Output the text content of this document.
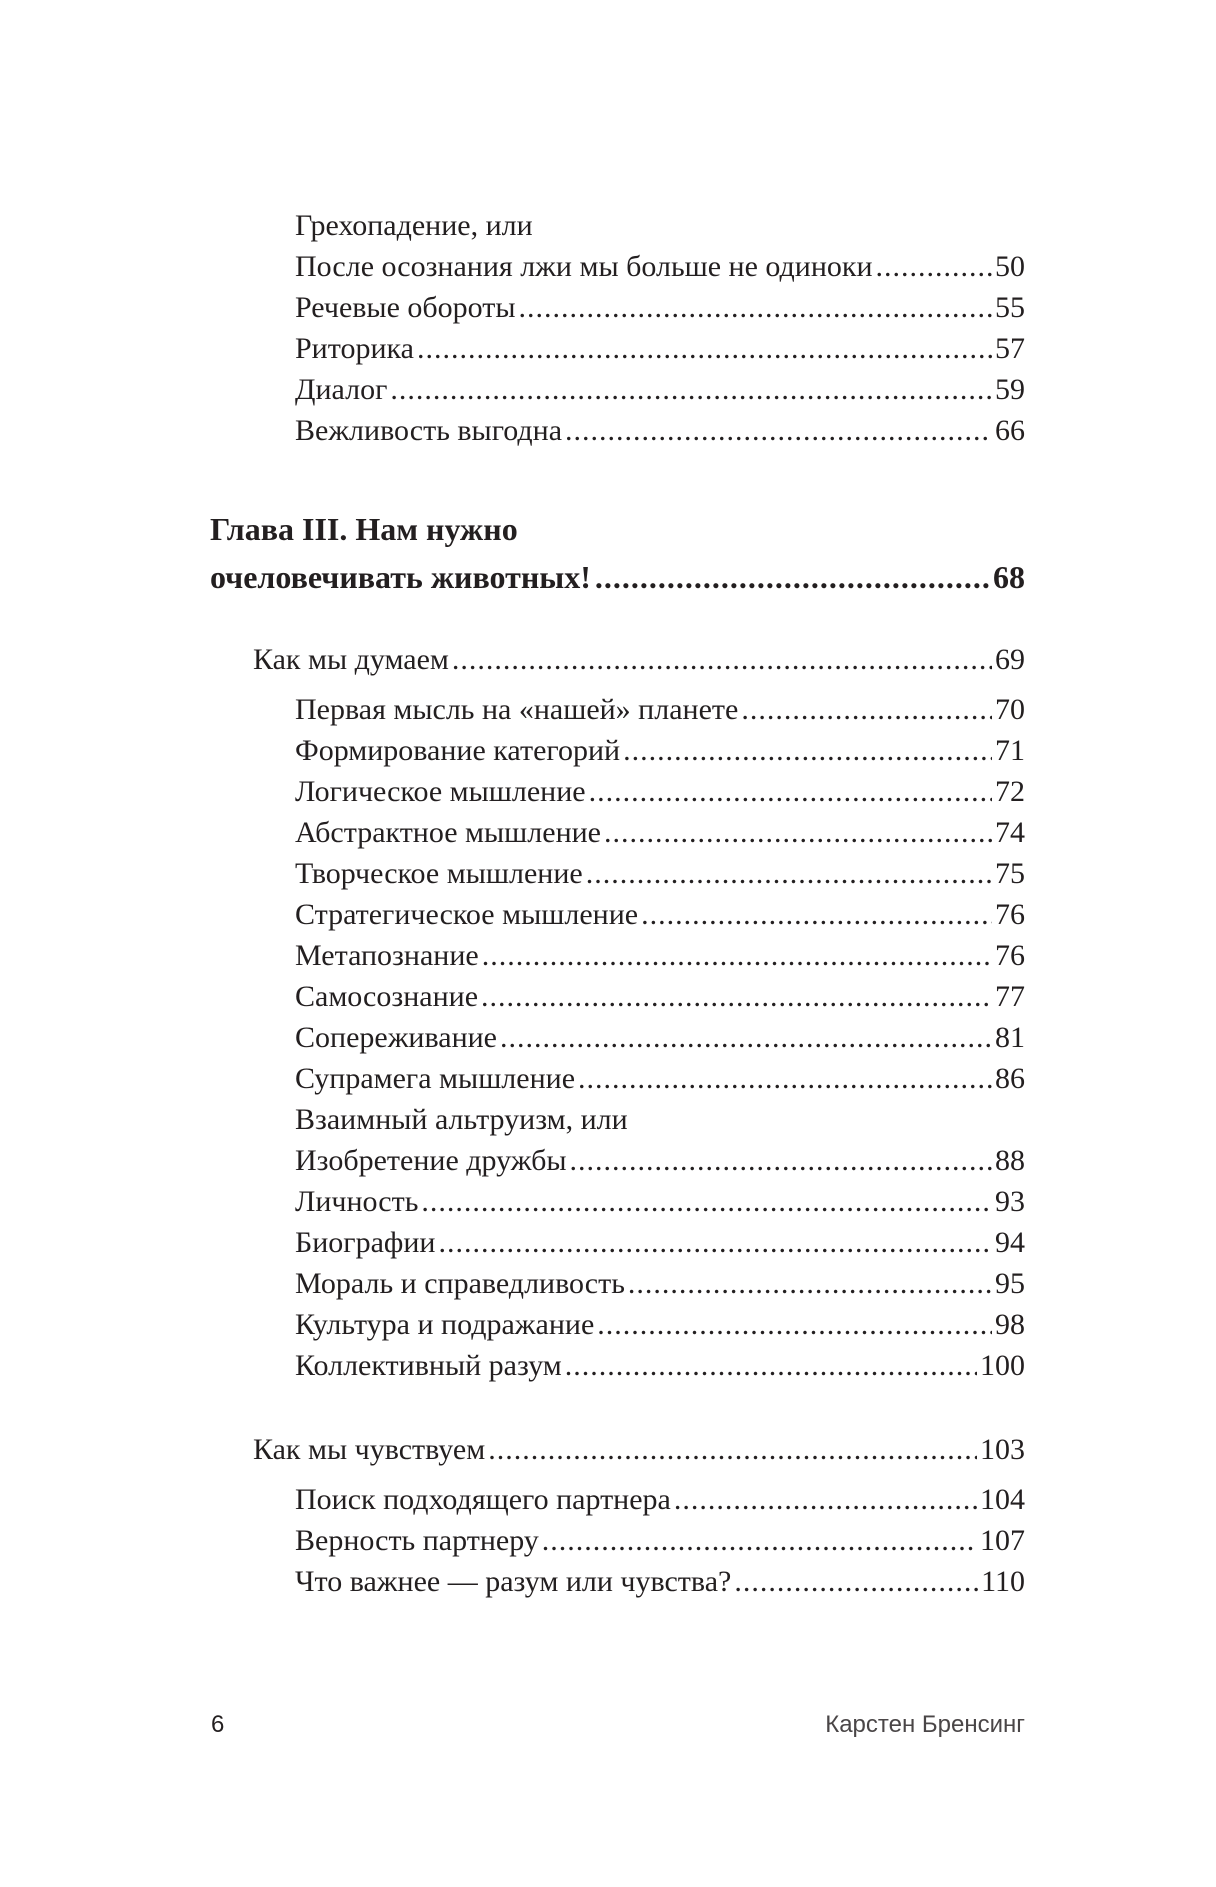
Грехопадение, или
После осознания лжи мы больше не одиноки .....	50
Речевые обороты .....	55
Риторика .....	57
Диалог .....	59
Вежливость выгодна .....	66
Глава III. Нам нужно
очеловечивать животных! .....	68
Как мы думаем .....	69
Первая мысль на «нашей» планете .....	70
Формирование категорий .....	71
Логическое мышление .....	72
Абстрактное мышление .....	74
Творческое мышление .....	75
Стратегическое мышление .....	76
Метапознание .....	76
Самосознание .....	77
Сопереживание .....	81
Супрамега мышление .....	86
Взаимный альтруизм, или
Изобретение дружбы .....	88
Личность .....	93
Биографии .....	94
Мораль и справедливость .....	95
Культура и подражание .....	98
Коллективный разум .....	100
Как мы чувствуем .....	103
Поиск подходящего партнера .....	104
Верность партнеру .....	107
Что важнее — разум или чувства? .....	110
6	Карстен Бренсинг
